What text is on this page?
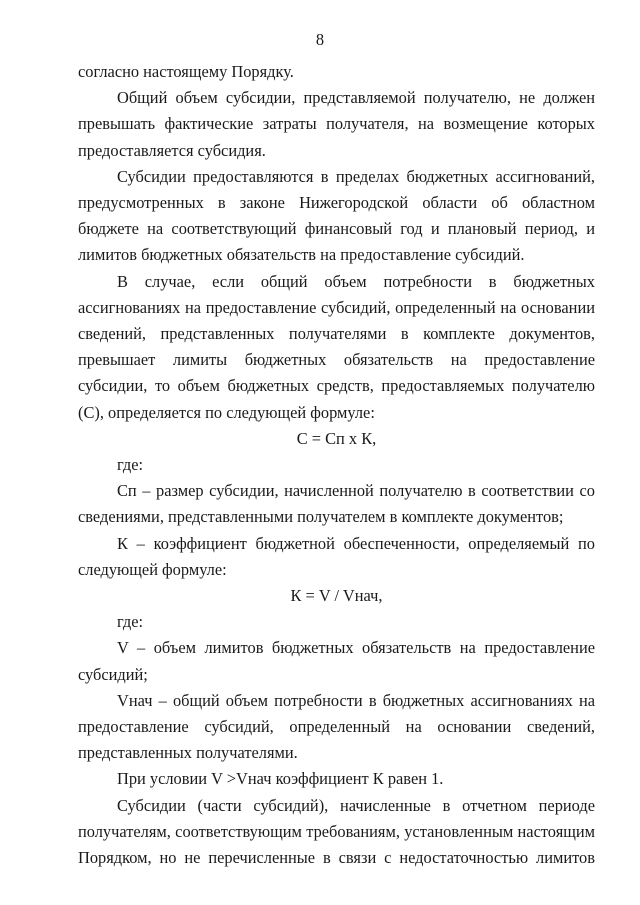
8

согласно настоящему Порядку.

Общий объем субсидии, представляемой получателю, не должен превышать фактические затраты получателя, на возмещение которых предоставляется субсидия.

Субсидии предоставляются в пределах бюджетных ассигнований, предусмотренных в законе Нижегородской области об областном бюджете на соответствующий финансовый год и плановый период, и лимитов бюджетных обязательств на предоставление субсидий.

В случае, если общий объем потребности в бюджетных ассигнованиях на предоставление субсидий, определенный на основании сведений, представленных получателями в комплекте документов, превышает лимиты бюджетных обязательств на предоставление субсидии, то объем бюджетных средств, предоставляемых получателю (С), определяется по следующей формуле:

С = Сп х К,

где:

Сп – размер субсидии, начисленной получателю в соответствии со сведениями, представленными получателем в комплекте документов;

К – коэффициент бюджетной обеспеченности, определяемый по следующей формуле:

К = V / Vнач,

где:

V – объем лимитов бюджетных обязательств на предоставление субсидий;

Vнач – общий объем потребности в бюджетных ассигнованиях на предоставление субсидий, определенный на основании сведений, представленных получателями.

При условии V >Vнач коэффициент К равен 1.

Субсидии (части субсидий), начисленные в отчетном периоде получателям, соответствующим требованиям, установленным настоящим Порядком, но не перечисленные в связи с недостаточностью лимитов
